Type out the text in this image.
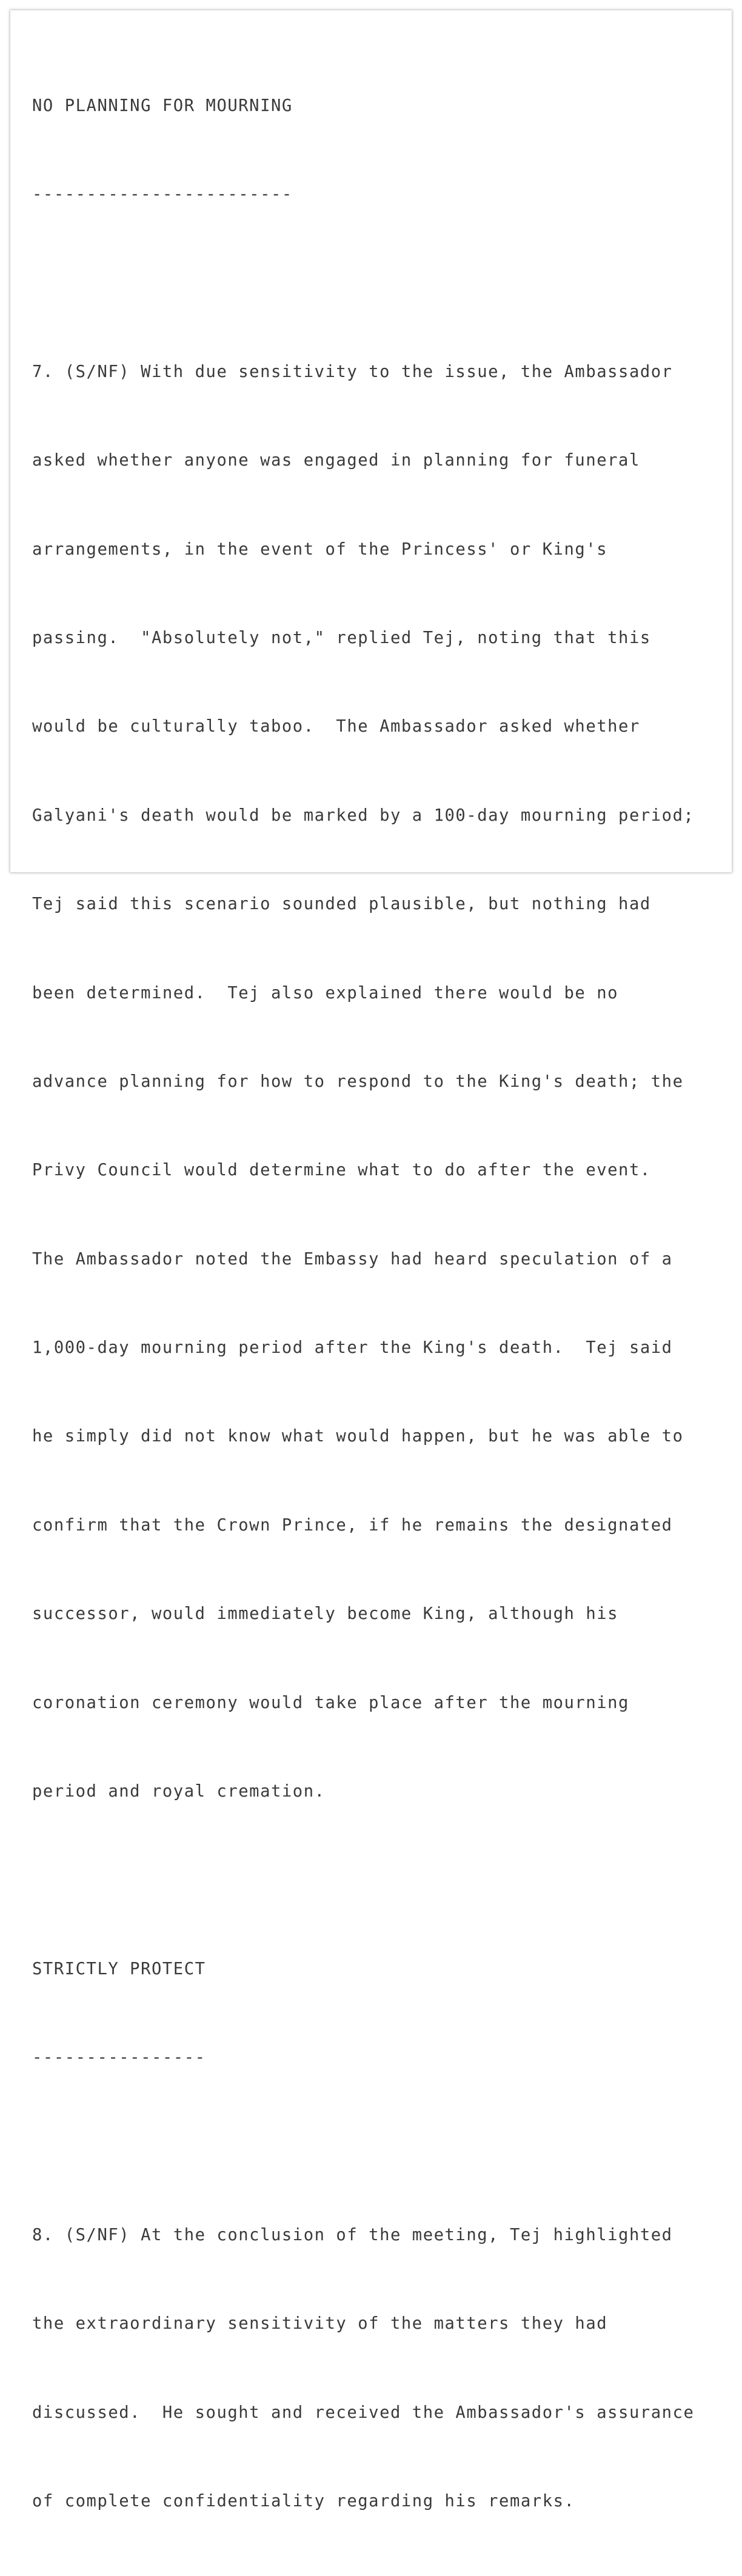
NO PLANNING FOR MOURNING

------------------------

7. (S/NF) With due sensitivity to the issue, the Ambassador

asked whether anyone was engaged in planning for funeral

arrangements, in the event of the Princess' or King's

passing.  "Absolutely not," replied Tej, noting that this

would be culturally taboo.  The Ambassador asked whether

Galyani's death would be marked by a 100-day mourning period;

Tej said this scenario sounded plausible, but nothing had

been determined.  Tej also explained there would be no

advance planning for how to respond to the King's death; the

Privy Council would determine what to do after the event.

The Ambassador noted the Embassy had heard speculation of a

1,000-day mourning period after the King's death.  Tej said

he simply did not know what would happen, but he was able to

confirm that the Crown Prince, if he remains the designated

successor, would immediately become King, although his

coronation ceremony would take place after the mourning

period and royal cremation.

STRICTLY PROTECT

----------------

8. (S/NF) At the conclusion of the meeting, Tej highlighted

the extraordinary sensitivity of the matters they had

discussed.  He sought and received the Ambassador's assurance

of complete confidentiality regarding his remarks.
